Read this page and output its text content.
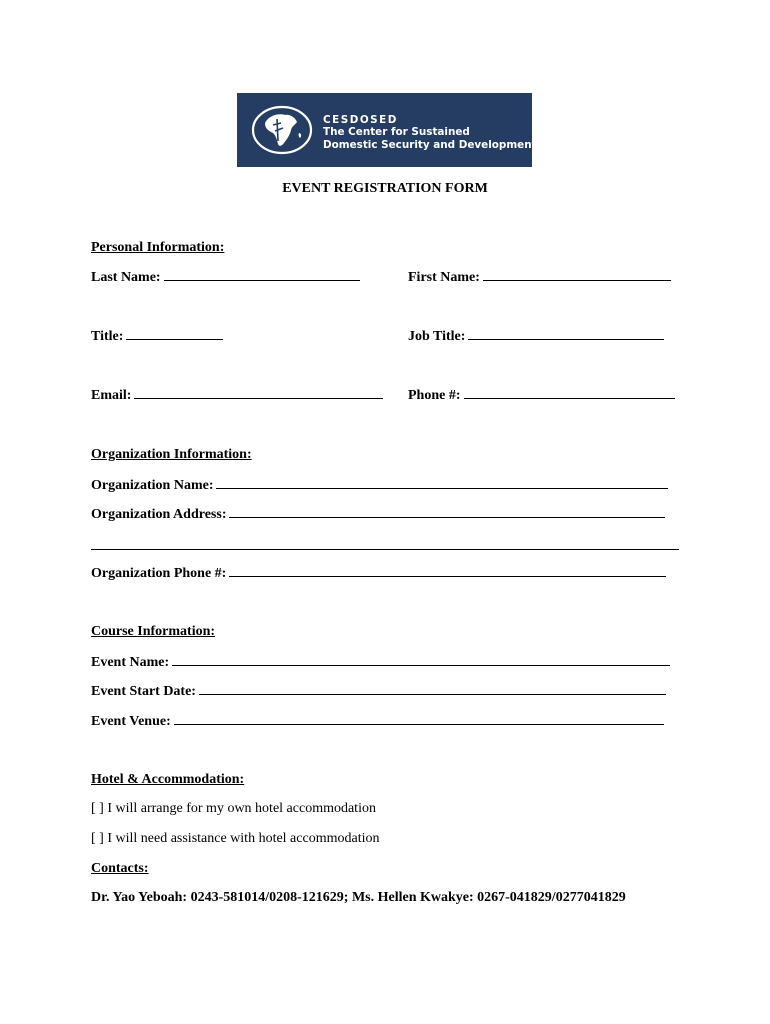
CESDOSED
The Center for Sustained
Domestic Security and Development
EVENT REGISTRATION FORM
Personal Information:
Last Name:	First Name:
Title:	Job Title:
Email:	Phone #:
Organization Information:
Organization Name:
Organization Address:
Organization Phone #:
Course Information:
Event Name:
Event Start Date:
Event Venue:
Hotel & Accommodation:
[ ] I will arrange for my own hotel accommodation
[ ] I will need assistance with hotel accommodation
Contacts:
Dr. Yao Yeboah: 0243-581014/0208-121629; Ms. Hellen Kwakye: 0267-041829/0277041829
